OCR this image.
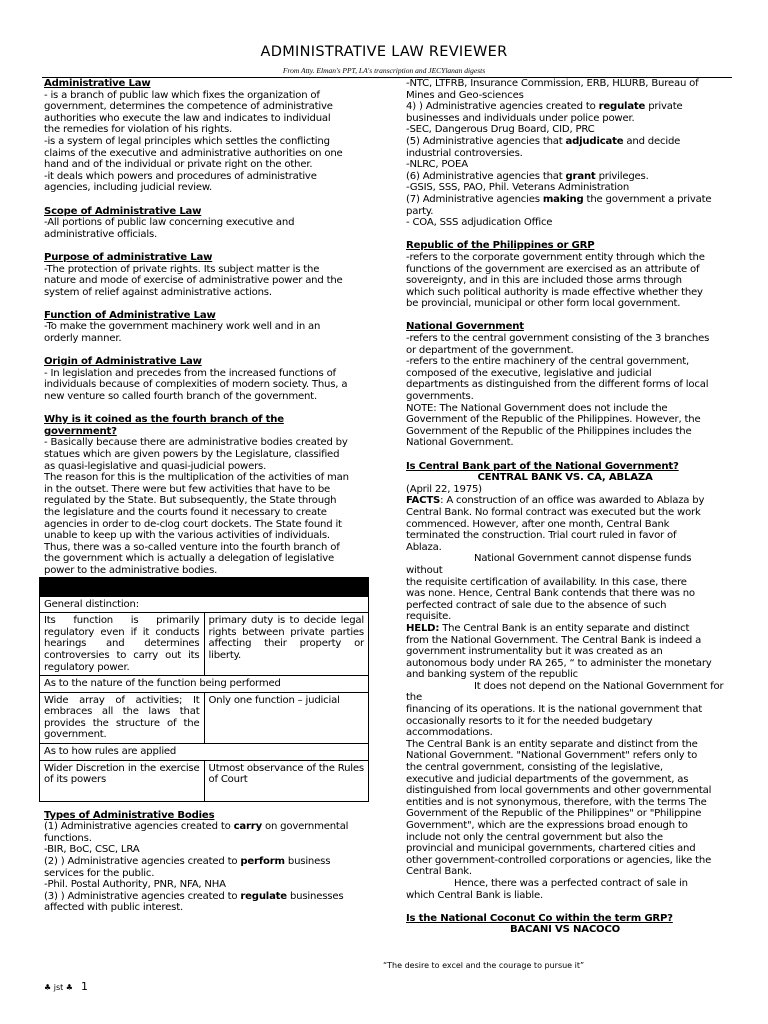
ADMINISTRATIVE LAW REVIEWER
From Atty. Elman's PPT, LA's transcription and JECYlanan digests

Administrative Law

- is a branch of public law which fixes the organization of

government, determines the competence of administrative

authorities who execute the law and indicates to individual

the remedies for violation of his rights.

-is a system of legal principles which settles the conflicting

claims of the executive and administrative authorities on one

hand and of the individual or private right on the other.

-it deals which powers and procedures of administrative

agencies, including judicial review.

Scope of Administrative Law

-All portions of public law concerning executive and

administrative officials.

Purpose of administrative Law

-The protection of private rights. Its subject matter is the

nature and mode of exercise of administrative power and the

system of relief against administrative actions.

Function of Administrative Law

-To make the government machinery work well and in an

orderly manner.

Origin of Administrative Law

- In legislation and precedes from the increased functions of

individuals because of complexities of modern society. Thus, a

new venture so called fourth branch of the government.

Why is it coined as the fourth branch of the

government?

- Basically because there are administrative bodies created by

statues which are given powers by the Legislature, classified

as quasi-legislative and quasi-judicial powers.

The reason for this is the multiplication of the activities of man

in the outset. There were but few activities that have to be

regulated by the State. But subsequently, the State through

the legislature and the courts found it necessary to create

agencies in order to de-clog court dockets. The State found it

unable to keep up with the various activities of individuals.

Thus, there was a so-called venture into the fourth branch of

the government which is actually a delegation of legislative

power to the administrative bodies.

General distinction:	
Its function is primarily regulatory even if it conducts hearings and determines controversies to carry out its regulatory power.	primary duty is to decide legal rights between private parties affecting their property or liberty.
As to the nature of the function being performed	
Wide array of activities; It embraces all the laws that provides the structure of the government.	Only one function – judicial
As to how rules are applied	
Wider Discretion in the exercise of its powers	Utmost observance of the Rules of Court

Types of Administrative Bodies

(1) Administrative agencies created to carry on governmental

functions.

-BIR, BoC, CSC, LRA

(2) ) Administrative agencies created to perform business

services for the public.

-Phil. Postal Authority, PNR, NFA, NHA

(3) ) Administrative agencies created to regulate businesses

affected with public interest.

-NTC, LTFRB, Insurance Commission, ERB, HLURB, Bureau of

Mines and Geo-sciences

4) ) Administrative agencies created to regulate private

businesses and individuals under police power.

-SEC, Dangerous Drug Board, CID, PRC

(5) Administrative agencies that adjudicate and decide

industrial controversies.

-NLRC, POEA

(6) Administrative agencies that grant privileges.

-GSIS, SSS, PAO, Phil. Veterans Administration

(7) Administrative agencies making the government a private

party.

- COA, SSS adjudication Office

Republic of the Philippines or GRP

-refers to the corporate government entity through which the

functions of the government are exercised as an attribute of

sovereignty, and in this are included those arms through

which such political authority is made effective whether they

be provincial, municipal or other form local government.

National Government

-refers to the central government consisting of the 3 branches

or department of the government.

-refers to the entire machinery of the central government,

composed of the executive, legislative and judicial

departments as distinguished from the different forms of local

governments.

NOTE: The National Government does not include the

Government of the Republic of the Philippines. However, the

Government of the Republic of the Philippines includes the

National Government.

Is Central Bank part of the National Government?

CENTRAL BANK VS. CA, ABLAZA

(April 22, 1975)

FACTS: A construction of an office was awarded to Ablaza by

Central Bank. No formal contract was executed but the work

commenced. However, after one month, Central Bank

terminated the construction. Trial court ruled in favor of

Ablaza.

National Government cannot dispense funds without

the requisite certification of availability. In this case, there

was none. Hence, Central Bank contends that there was no

perfected contract of sale due to the absence of such

requisite.

HELD: The Central Bank is an entity separate and distinct

from the National Government. The Central Bank is indeed a

government instrumentality but it was created as an

autonomous body under RA 265, “ to administer the monetary

and banking system of the republic

It does not depend on the National Government for the

financing of its operations. It is the national government that

occasionally resorts to it for the needed budgetary

accommodations.

The Central Bank is an entity separate and distinct from the

National Government. "National Government" refers only to

the central government, consisting of the legislative,

executive and judicial departments of the government, as

distinguished from local governments and other governmental

entities and is not synonymous, therefore, with the terms The

Government of the Republic of the Philippines" or "Philippine

Government", which are the expressions broad enough to

include not only the central government but also the

provincial and municipal governments, chartered cities and

other government-controlled corporations or agencies, like the

Central Bank.

Hence, there was a perfected contract of sale in

which Central Bank is liable.

Is the National Coconut Co within the term GRP?

BACANI VS NACOCO

“The desire to excel and the courage to pursue it”
♣ jst ♣ 1
